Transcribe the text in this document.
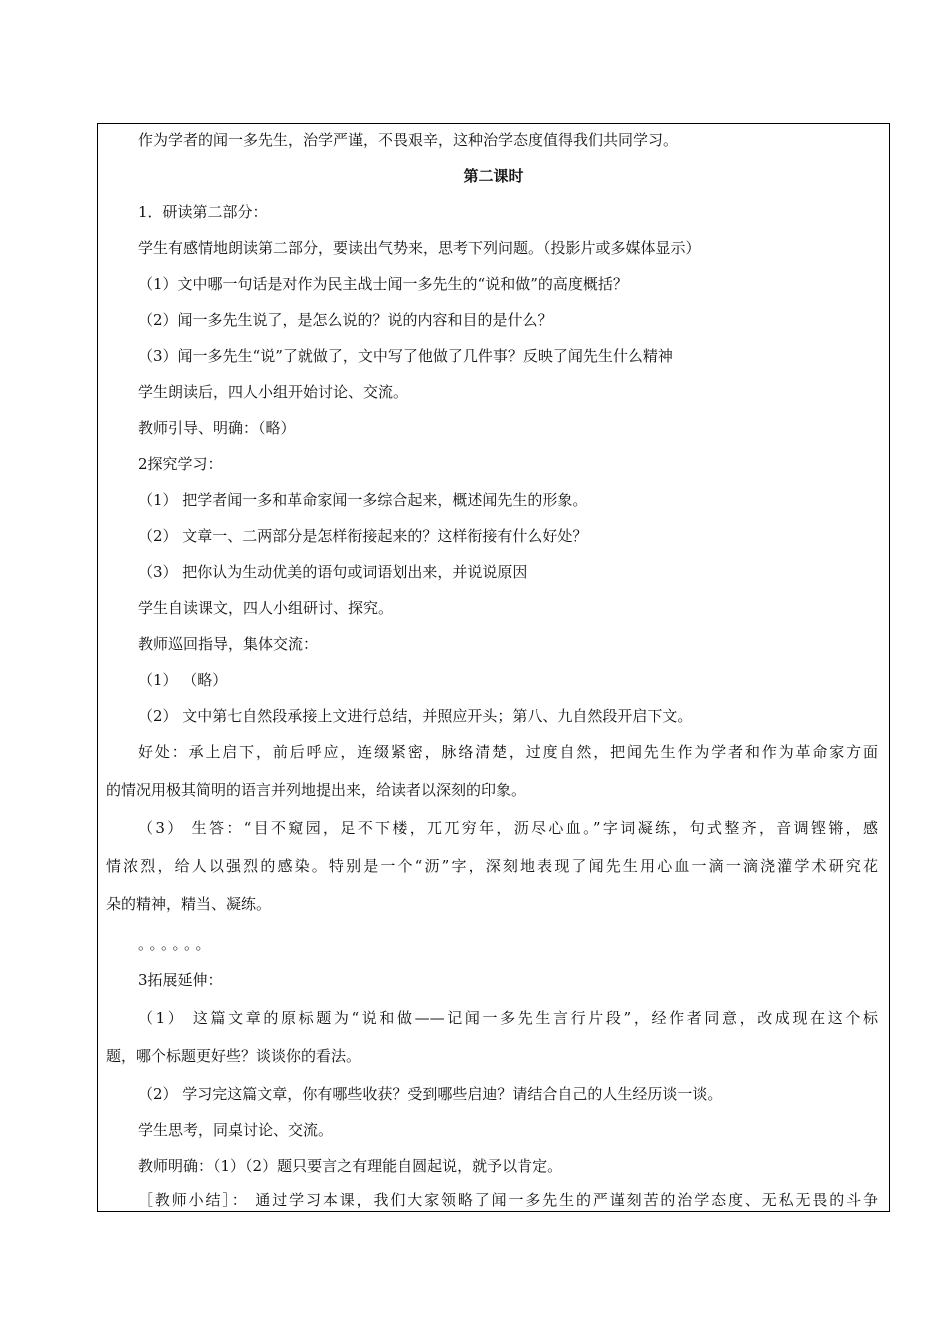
作为学者的闻一多先生，治学严谨，不畏艰辛，这种治学态度值得我们共同学习。
第二课时
1．研读第二部分：
学生有感情地朗读第二部分，要读出气势来，思考下列问题。（投影片或多媒体显示）
（1）文中哪一句话是对作为民主战士闻一多先生的“说和做”的高度概括？
（2）闻一多先生说了，是怎么说的？说的内容和目的是什么？
（3）闻一多先生“说”了就做了，文中写了他做了几件事？反映了闻先生什么精神
学生朗读后，四人小组开始讨论、交流。
教师引导、明确：（略）
2探究学习：
（1） 把学者闻一多和革命家闻一多综合起来，概述闻先生的形象。
（2） 文章一、二两部分是怎样衔接起来的？这样衔接有什么好处？
（3） 把你认为生动优美的语句或词语划出来，并说说原因
学生自读课文，四人小组研讨、探究。
教师巡回指导，集体交流：
（1） （略）
（2） 文中第七自然段承接上文进行总结，并照应开头；第八、九自然段开启下文。
好处：承上启下，前后呼应，连缀紧密，脉络清楚，过度自然，把闻先生作为学者和作为革命家方面
的情况用极其简明的语言并列地提出来，给读者以深刻的印象。
（3） 生答：“目不窥园，足不下楼，兀兀穷年，沥尽心血。”字词凝练，句式整齐，音调铿锵，感
情浓烈，给人以强烈的感染。特别是一个“沥”字，深刻地表现了闻先生用心血一滴一滴浇灌学术研究花
朵的精神，精当、凝练。
。。。。。。
3拓展延伸：
（1） 这篇文章的原标题为“说和做——记闻一多先生言行片段”，经作者同意，改成现在这个标
题，哪个标题更好些？谈谈你的看法。
（2） 学习完这篇文章，你有哪些收获？受到哪些启迪？请结合自己的人生经历谈一谈。
学生思考，同桌讨论、交流。
教师明确：（1）（2）题只要言之有理能自圆起说，就予以肯定。
［教师小结］： 通过学习本课，我们大家领略了闻一多先生的严谨刻苦的治学态度、无私无畏的斗争
